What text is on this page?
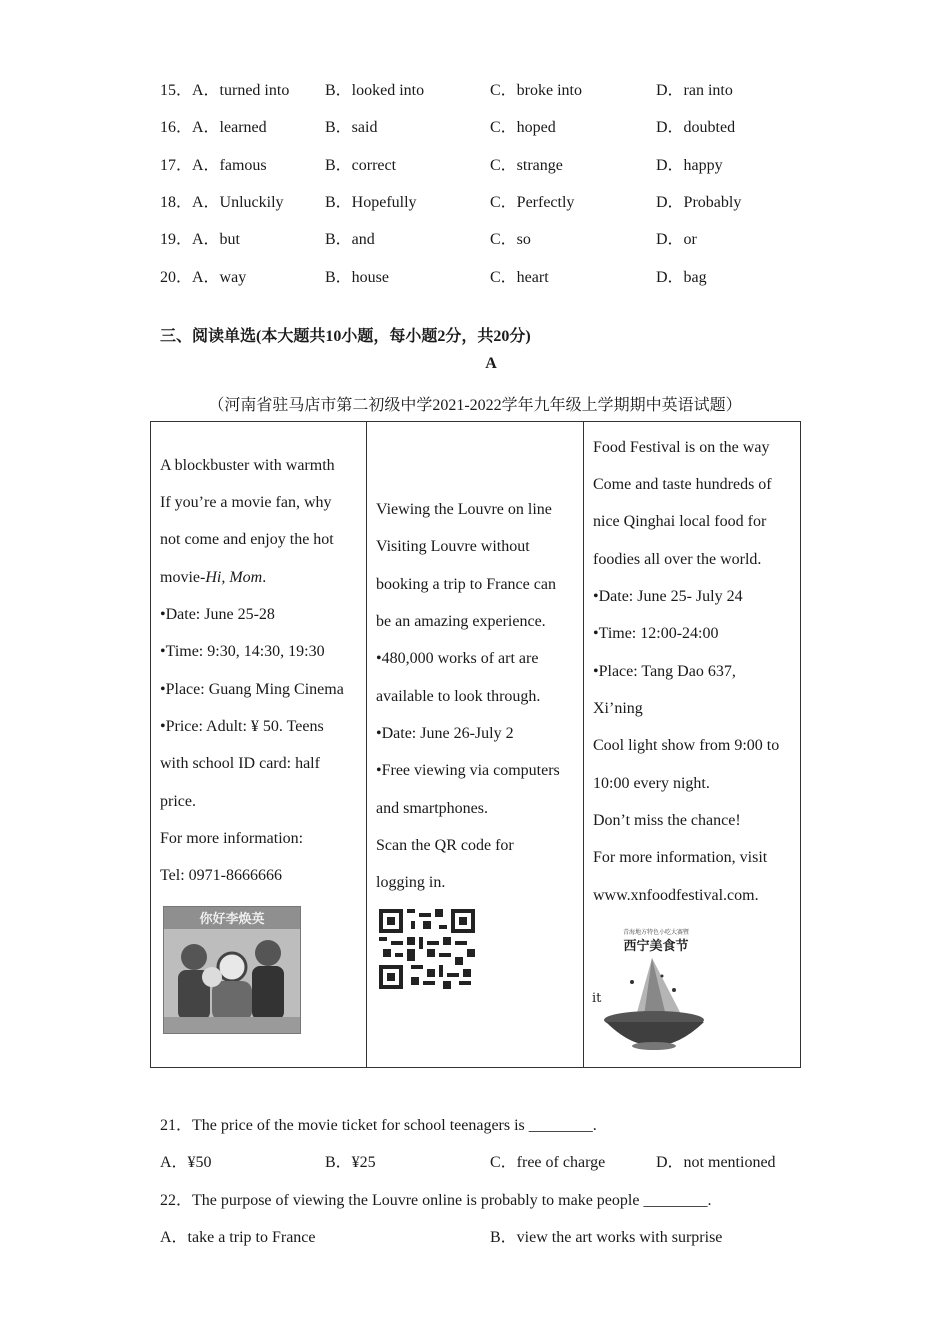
15． A．turned into B．looked into	C．broke into	D．ran into
16． A．learned	B．said	C．hoped	D．doubted
17． A．famous	B．correct	C．strange	D．happy
18． A．Unluckily	B．Hopefully	C．Perfectly	D．Probably
19． A．but	B．and	C．so	D．or
20． A．way	B．house	C．heart	D．bag
三、阅读单选(本大题共10小题，每小题2分，共20分)
A
（河南省驻马店市第二初级中学2021-2022学年九年级上学期期中英语试题）
A blockbuster with warmth
If you’re a movie fan, why
not come and enjoy the hot
movie-Hi, Mom.
•Date: June 25-28
•Time: 9:30, 14:30, 19:30
•Place: Guang Ming Cinema
•Price: Adult: ¥ 50. Teens
with school ID card: half
price.
For more information:
Tel: 0971-8666666
你好李焕英
Viewing the Louvre on line
Visiting Louvre without
booking a trip to France can
be an amazing experience.
•480,000 works of art are
available to look through.
•Date: June 26-July 2
•Free viewing via computers
and smartphones.
Scan the QR code for
logging in.
Food Festival is on the way
Come and taste hundreds of
nice Qinghai local food for
foodies all over the world.
•Date: June 25- July 24
•Time: 12:00-24:00
•Place: Tang Dao 637,
Xi’ning
Cool light show from 9:00 to
10:00 every night.
Don’t miss the chance!
For more information, visit
www.xnfoodfestival.com.
青海地方特色小吃大赛暨
西宁美食节
it
21．The price of the movie ticket for school teenagers is ________.
A．¥50	B．¥25	C．free of charge	D．not mentioned
22．The purpose of viewing the Louvre online is probably to make people ________.
A．take a trip to France	B．view the art works with surprise
